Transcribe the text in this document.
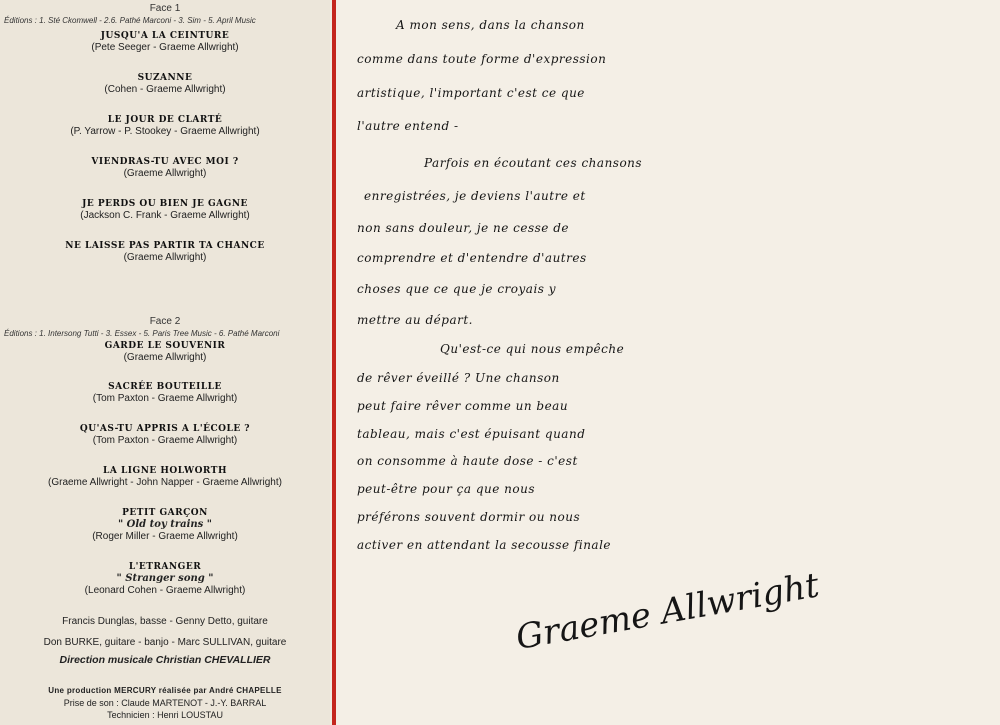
Face 1
Éditions : 1. Sté Ckomwell - 2.6. Pathé Marconi - 3. Sim - 5. April Music
JUSQU'A LA CEINTURE
(Pete Seeger - Graeme Allwright)
SUZANNE
(Cohen - Graeme Allwright)
LE JOUR DE CLARTÉ
(P. Yarrow - P. Stookey - Graeme Allwright)
VIENDRAS-TU AVEC MOI ?
(Graeme Allwright)
JE PERDS OU BIEN JE GAGNE
(Jackson C. Frank - Graeme Allwright)
NE LAISSE PAS PARTIR TA CHANCE
(Graeme Allwright)
Face 2
Éditions : 1. Intersong Tutti - 3. Essex - 5. Paris Tree Music - 6. Pathé Marconi
GARDE LE SOUVENIR
(Graeme Allwright)
SACRÉE BOUTEILLE
(Tom Paxton - Graeme Allwright)
QU'AS-TU APPRIS A L'ÉCOLE ?
(Tom Paxton - Graeme Allwright)
LA LIGNE HOLWORTH
(Graeme Allwright - John Napper - Graeme Allwright)
PETIT GARÇON
" Old toy trains "
(Roger Miller - Graeme Allwright)
L'ETRANGER
" Stranger song "
(Leonard Cohen - Graeme Allwright)
Francis Dunglas, basse - Genny Detto, guitare
Don BURKE, guitare - banjo - Marc SULLIVAN, guitare
Direction musicale Christian CHEVALLIER
Une production MERCURY réalisée par André CHAPELLE
Prise de son : Claude MARTENOT - J.-Y. BARRAL
Technicien : Henri LOUSTAU
A mon sens, dans la chanson
comme dans toute forme d'expression
artistique, l'important c'est ce que
l'autre entend -
Parfois en écoutant ces chansons
enregistrées, je deviens l'autre et
non sans douleur, je ne cesse de
comprendre et d'entendre d'autres
choses que ce que je croyais y
mettre au départ.
Qu'est-ce qui nous empêche
de rêver éveillé ? Une chanson
peut faire rêver comme un beau
tableau, mais c'est épuisant quand
on consomme à haute dose - c'est
peut-être pour ça que nous
préférons souvent dormir ou nous
activer en attendant la secousse finale
Graeme Allwright
